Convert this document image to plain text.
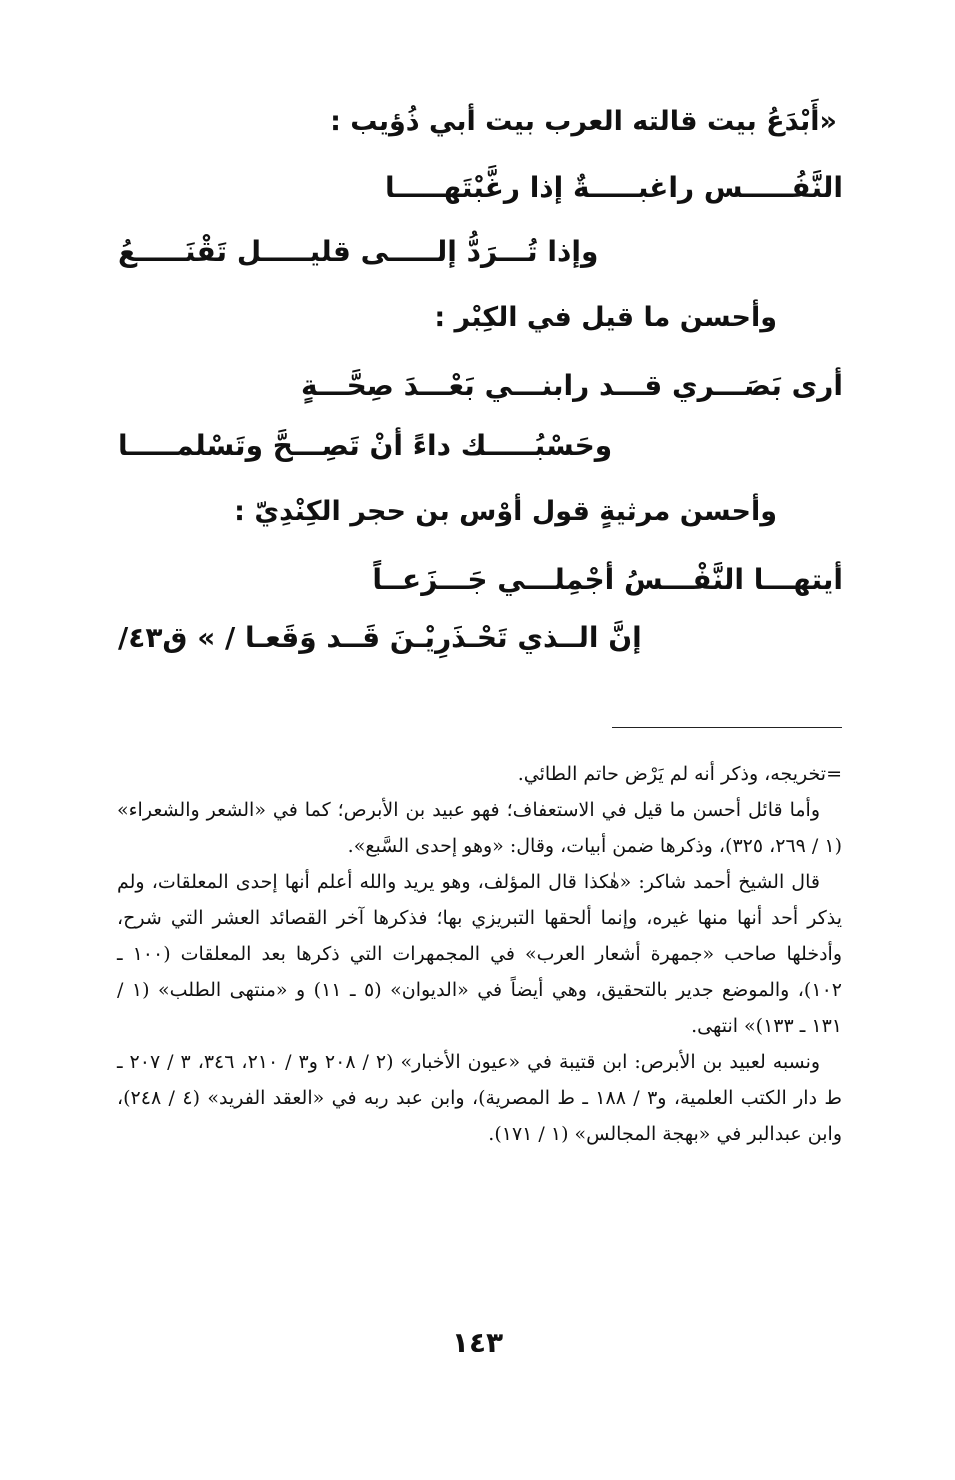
«أَبْدَعُ بيت قالته العرب بيت أبي ذُؤيب :
النَّفُـــــس راغبـــــةٌ إذا رغَّبْتَهـــــا
وإذا تُـــرَدُّ إلـــــى قليـــــل تَقْنَـــــعُ
وأحسن ما قيل في الكِبْر :
أرى بَصَـــري قـــد رابنـــي بَعْـــدَ صِحَّـــةٍ
وحَسْبُـــــك داءً أنْ تَصِـــحَّ وتَسْلمـــــا
وأحسن مرثيةٍ قول أوْس بن حجر الكِنْدِيّ :
أيتهـــا النَّفْـــسُ أجْمِلـــي جَـــزَعــاً
إنَّ الــذي تَحْـذَرِيْـنَ قَــد وَقَعـا / » ق٤٣/

=تخريجه، وذكر أنه لم يَرْض حاتم الطائي.

وأما قائل أحسن ما قيل في الاستعفاف؛ فهو عبيد بن الأبرص؛ كما في «الشعر والشعراء» (١ / ٢٦٩، ٣٢٥)، وذكرها ضمن أبيات، وقال: «وهو إحدى السَّبع».

قال الشيخ أحمد شاكر: «هٰكذا قال المؤلف، وهو يريد والله أعلم أنها إحدى المعلقات، ولم يذكر أحد أنها منها غيره، وإنما ألحقها التبريزي بها؛ فذكرها آخر القصائد العشر التي شرح، وأدخلها صاحب «جمهرة أشعار العرب» في المجمهرات التي ذكرها بعد المعلقات (١٠٠ ـ ١٠٢)، والموضع جدير بالتحقيق، وهي أيضاً في «الديوان» (٥ ـ ١١) و «منتهى الطلب» (١ / ١٣١ ـ ١٣٣)» انتهى.

ونسبه لعبيد بن الأبرص: ابن قتيبة في «عيون الأخبار» (٢ / ٢٠٨ و٣ / ٢١٠، ٣٤٦، ٣ / ٢٠٧ ـ ط دار الكتب العلمية، و٣ / ١٨٨ ـ ط المصرية)، وابن عبد ربه في «العقد الفريد» (٤ / ٢٤٨)، وابن عبدالبر في «بهجة المجالس» (١ / ١٧١).

١٤٣
